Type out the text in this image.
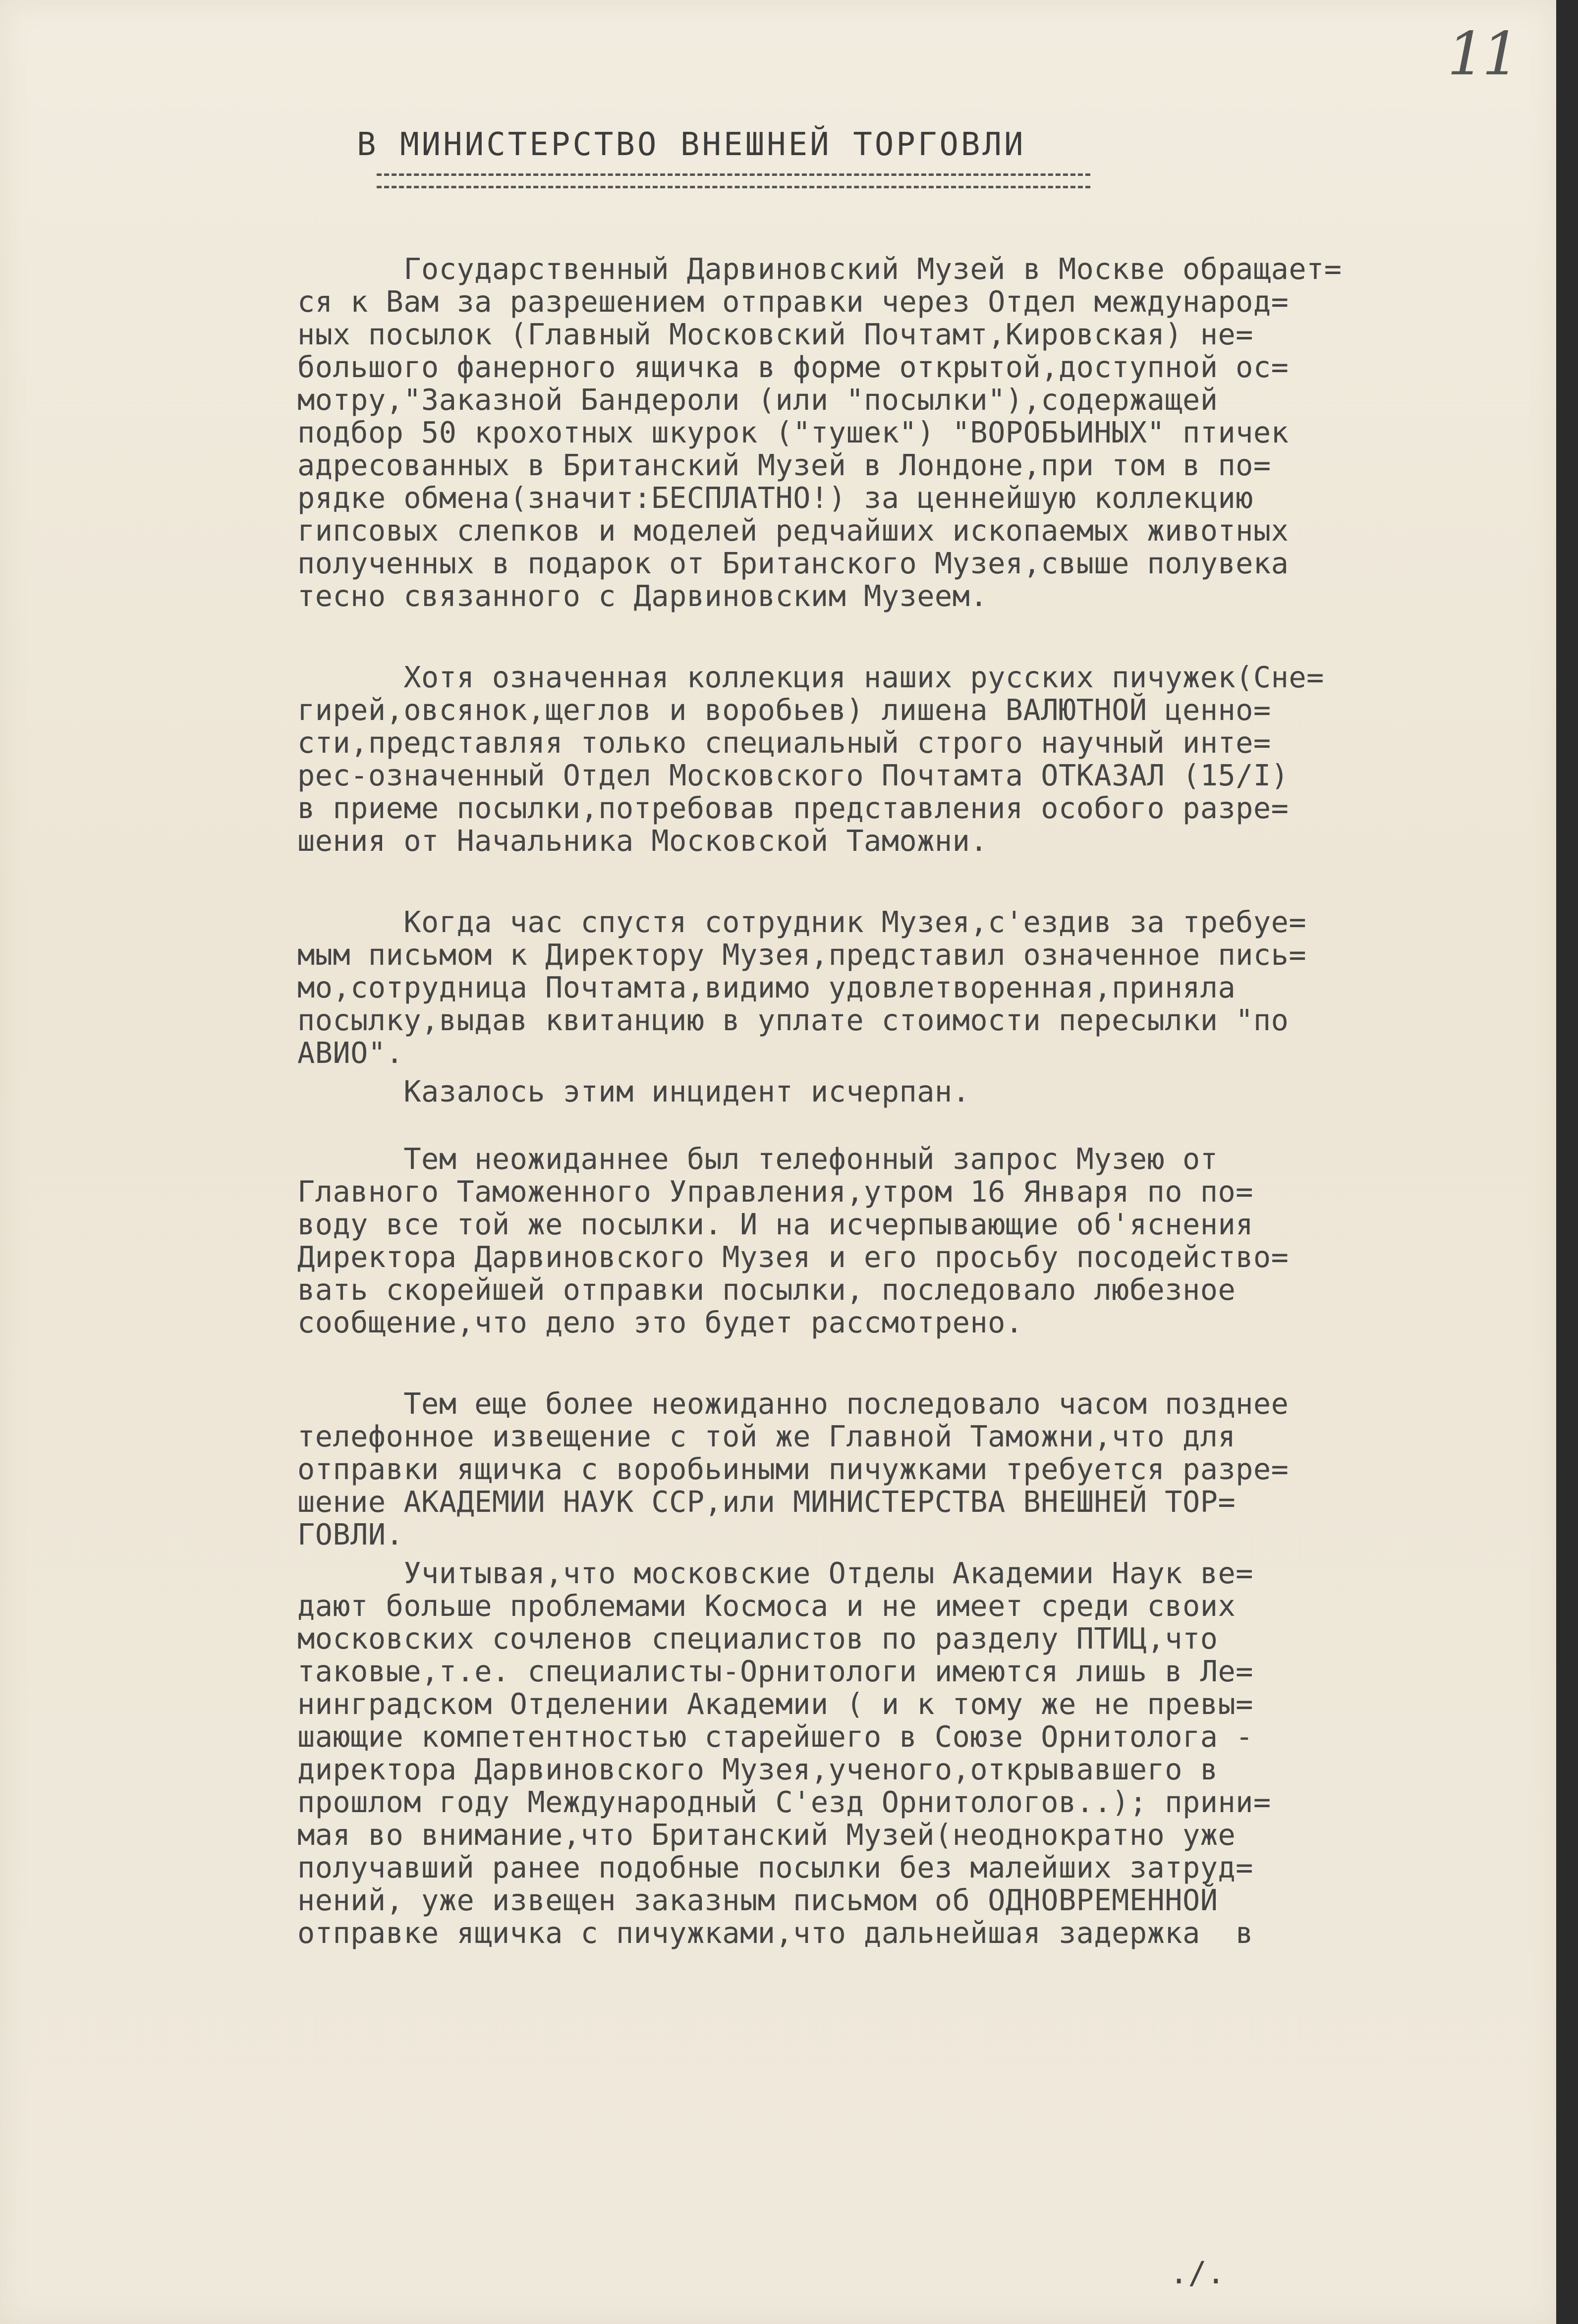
11
В МИНИСТЕРСТВО ВНЕШНЕЙ ТОРГОВЛИ
Государственный Дарвиновский Музей в Москве обращает=
ся к Вам за разрешением отправки через Отдел международ=
ных посылок (Главный Московский Почтамт,Кировская) не=
большого фанерного ящичка в форме открытой,доступной ос=
мотру,"Заказной Бандероли (или "посылки"),содержащей
подбор 50 крохотных шкурок ("тушек") "ВОРОБЬИНЫХ" птичек
адресованных в Британский Музей в Лондоне,при том в по=
рядке обмена(значит:БЕСПЛАТНО!) за ценнейшую коллекцию
гипсовых слепков и моделей редчайших ископаемых животных
полученных в подарок от Британского Музея,свыше полувека
тесно связанного с Дарвиновским Музеем.
Хотя означенная коллекция наших русских пичужек(Сне=
гирей,овсянок,щеглов и воробьев) лишена ВАЛЮТНОЙ ценно=
сти,представляя только специальный строго научный инте=
рес-означенный Отдел Московского Почтамта ОТКАЗАЛ (15/I)
в приеме посылки,потребовав представления особого разре=
шения от Начальника Московской Таможни.
Когда час спустя сотрудник Музея,с'ездив за требуе=
мым письмом к Директору Музея,представил означенное пись=
мо,сотрудница Почтамта,видимо удовлетворенная,приняла
посылку,выдав квитанцию в уплате стоимости пересылки "по
АВИО".
Казалось этим инцидент исчерпан.
Тем неожиданнее был телефонный запрос Музею от
Главного Таможенного Управления,утром 16 Января по по=
воду все той же посылки. И на исчерпывающие об'яснения
Директора Дарвиновского Музея и его просьбу посодейство=
вать скорейшей отправки посылки, последовало любезное
сообщение,что дело это будет рассмотрено.
Тем еще более неожиданно последовало часом позднее
телефонное извещение с той же Главной Таможни,что для
отправки ящичка с воробьиными пичужками требуется разре=
шение АКАДЕМИИ НАУК ССР,или МИНИСТЕРСТВА ВНЕШНЕЙ ТОР=
ГОВЛИ.
Учитывая,что московские Отделы Академии Наук ве=
дают больше проблемами Космоса и не имеет среди своих
московских сочленов специалистов по разделу ПТИЦ,что
таковые,т.е. специалисты-Орнитологи имеются лишь в Ле=
нинградском Отделении Академии ( и к тому же не превы=
шающие компетентностью старейшего в Союзе Орнитолога -
директора Дарвиновского Музея,ученого,открывавшего в
прошлом году Международный С'езд Орнитологов..); прини=
мая во внимание,что Британский Музей(неоднократно уже
получавший ранее подобные посылки без малейших затруд=
нений, уже извещен заказным письмом об ОДНОВРЕМЕННОЙ
отправке ящичка с пичужками,что дальнейшая задержка  в
./.
